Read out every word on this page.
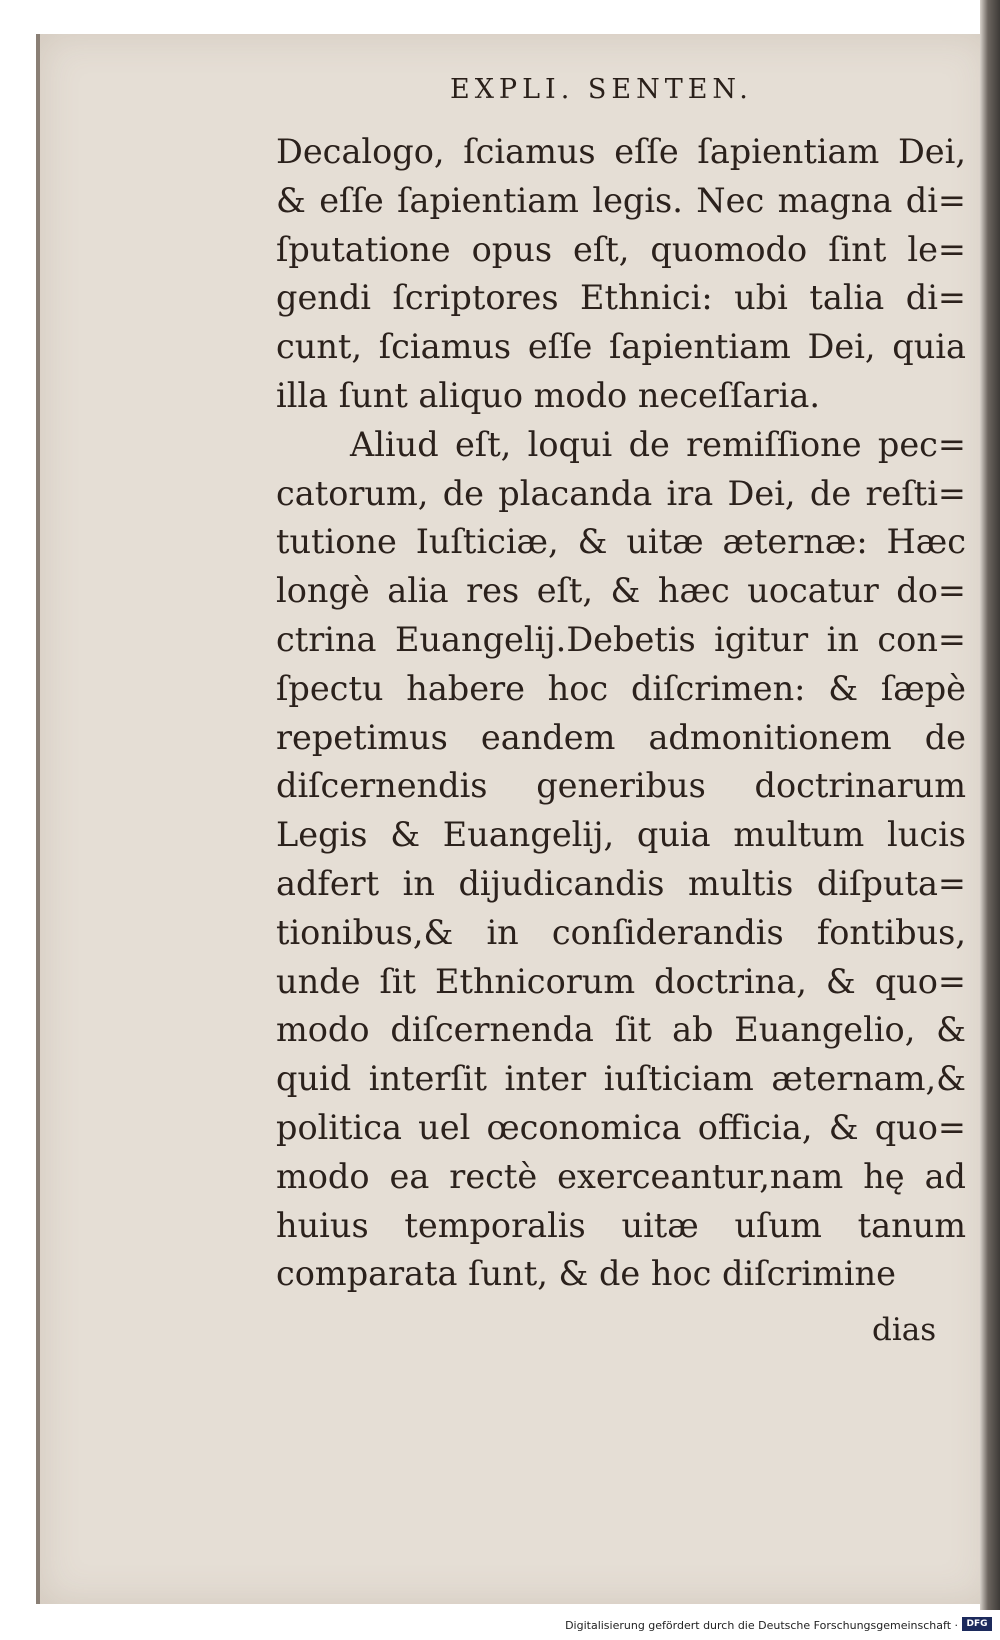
EXPLI. SENTEN.
Decalogo, ſciamus eſſe ſapientiam Dei,
& eſſe ſapientiam legis. Nec magna di=
ſputatione opus eſt, quomodo ſint le=
gendi ſcriptores Ethnici: ubi talia di=
cunt, ſciamus eſſe ſapientiam Dei, quia
illa ſunt aliquo modo neceſſaria.
Aliud eſt, loqui de remiſſione pec=
catorum, de placanda ira Dei, de reſti=
tutione Iuſticiæ, & uitæ æternæ: Hæc
longè alia res eſt, & hæc uocatur do=
ctrina Euangelij.Debetis igitur in con=
ſpectu habere hoc diſcrimen: & ſæpè
repetimus eandem admonitionem de
diſcernendis generibus doctrinarum
Legis & Euangelij, quia multum lucis
adfert in dijudicandis multis diſputa=
tionibus,& in conſiderandis fontibus,
unde ſit Ethnicorum doctrina, & quo=
modo diſcernenda ſit ab Euangelio, &
quid interſit inter iuſticiam æternam,&
politica uel œconomica officia, & quo=
modo ea rectè exerceantur,nam hę ad
huius temporalis uitæ uſum tanum
comparata ſunt, & de hoc diſcrimine
dias
Digitalisierung gefördert durch die Deutsche Forschungsgemeinschaft · DFG
